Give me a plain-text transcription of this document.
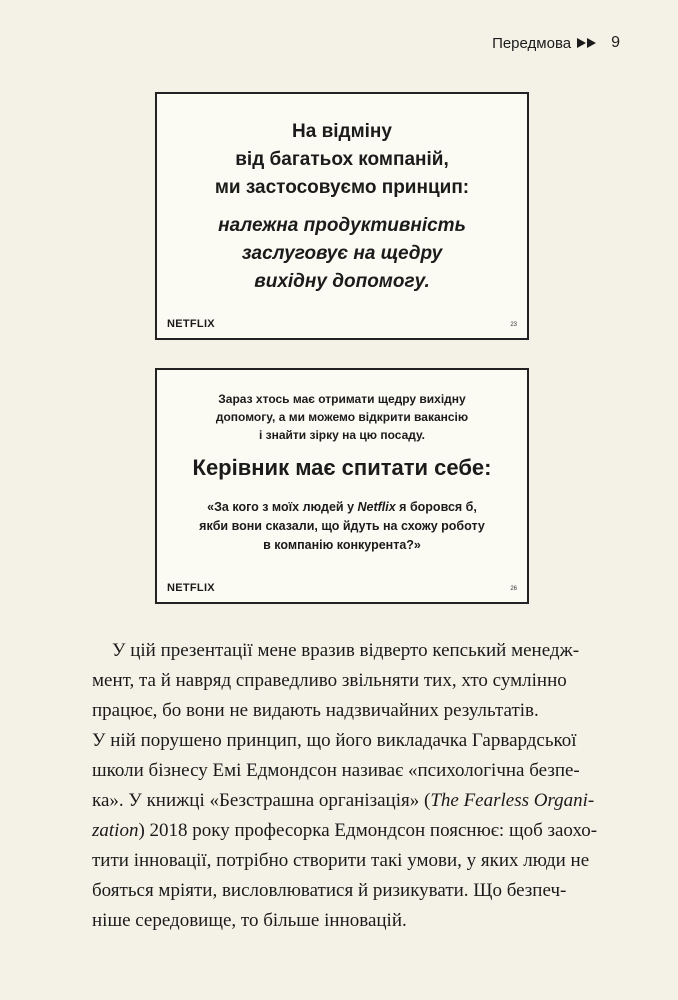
Передмова	9
На відміну
від багатьох компаній,
ми застосовуємо принцип:
належна продуктивність
заслуговує на щедру
вихідну допомогу.
NETFLIX	23
Зараз хтось має отримати щедру вихідну
допомогу, а ми можемо відкрити вакансію
і знайти зірку на цю посаду.
Керівник має спитати себе:
«За кого з моїх людей у Netflix я боровся б,
якби вони сказали, що йдуть на схожу роботу
в компанію конкурента?»
NETFLIX	26
У цій презентації мене вразив відверто кепський менедж-
мент, та й навряд справедливо звільняти тих, хто сумлінно
працює, бо вони не видають надзвичайних результатів.
У ній порушено принцип, що його викладачка Гарвардської
школи бізнесу Емі Едмондсон називає «психологічна безпе-
ка». У книжці «Безстрашна організація» (The Fearless Organi-
zation) 2018 року професорка Едмондсон пояснює: щоб заохо-
тити інновації, потрібно створити такі умови, у яких люди не
бояться мріяти, висловлюватися й ризикувати. Що безпеч-
ніше середовище, то більше інновацій.
